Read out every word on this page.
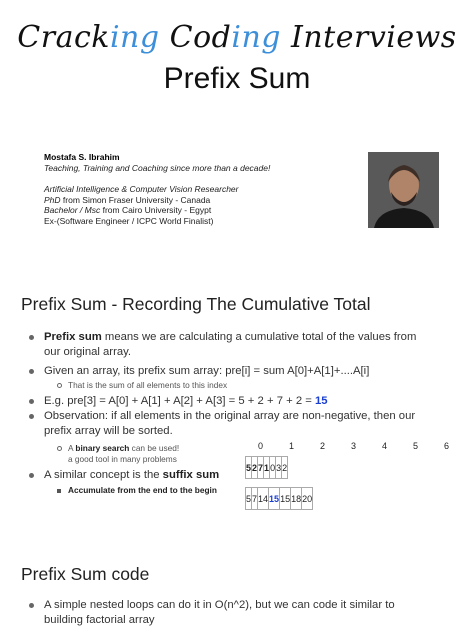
Cracking Coding Interviews
Prefix Sum
Mostafa S. Ibrahim
Teaching, Training and Coaching since more than a decade!
Artificial Intelligence & Computer Vision Researcher
PhD from Simon Fraser University - Canada
Bachelor / Msc from Cairo University - Egypt
Ex-(Software Engineer / ICPC World Finalist)
Prefix Sum - Recording The Cumulative Total
Prefix sum means we are calculating a cumulative total of the values from
our original array.
Given an array, its prefix sum array: pre[i] = sum A[0]+A[1]+....A[i]
That is the sum of all elements to this index
E.g. pre[3] = A[0] + A[1] + A[2] + A[3] = 5 + 2 + 7 + 2 = 15
Observation: if all elements in the original array are non-negative, then our
prefix array will be sorted.
A binary search can be used!
a good tool in many problems
A similar concept is the suffix sum
Accumulate from the end to the begin
0	1	2	3	4	5	6
5	2	7	1	0	3	2
5	7	14	15	15	18	20
Prefix Sum code
A simple nested loops can do it in O(n^2), but we can code it similar to
building factorial array
